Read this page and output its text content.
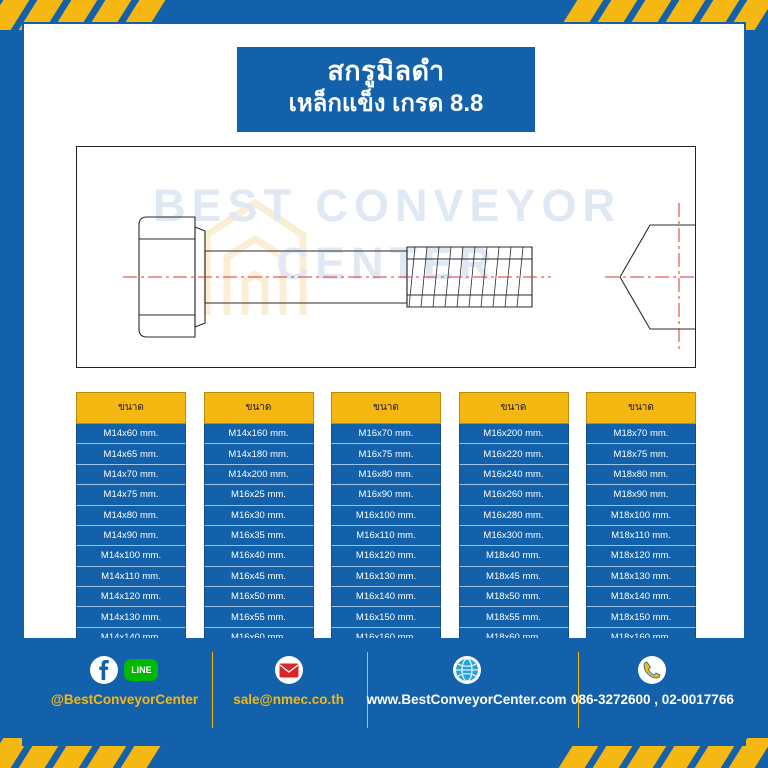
สกรูมิลดำ
เหล็กแข็ง เกรด 8.8
BEST CONVEYOR
CENTER
ขนาด
M14x60 mm.
M14x65 mm.
M14x70 mm.
M14x75 mm.
M14x80 mm.
M14x90 mm.
M14x100 mm.
M14x110 mm.
M14x120 mm.
M14x130 mm.
ขนาด
M14x160 mm.
M14x180 mm.
M14x200 mm.
M16x25 mm.
M16x30 mm.
M16x35 mm.
M16x40 mm.
M16x45 mm.
M16x50 mm.
M16x55 mm.
ขนาด
M16x70 mm.
M16x75 mm.
M16x80 mm.
M16x90 mm.
M16x100 mm.
M16x110 mm.
M16x120 mm.
M16x130 mm.
M16x140 mm.
M16x150 mm.
ขนาด
M16x200 mm.
M16x220 mm.
M16x240 mm.
M16x260 mm.
M16x280 mm.
M16x300 mm.
M18x40 mm.
M18x45 mm.
M18x50 mm.
M18x55 mm.
ขนาด
M18x70 mm.
M18x75 mm.
M18x80 mm.
M18x90 mm.
M18x100 mm.
M18x110 mm.
M18x120 mm.
M18x130 mm.
M18x140 mm.
M18x150 mm.
LINE
@BestConveyorCenter	sale@nmec.co.th www.BestConveyorCenter.com 086-3272600 , 02-0017766
